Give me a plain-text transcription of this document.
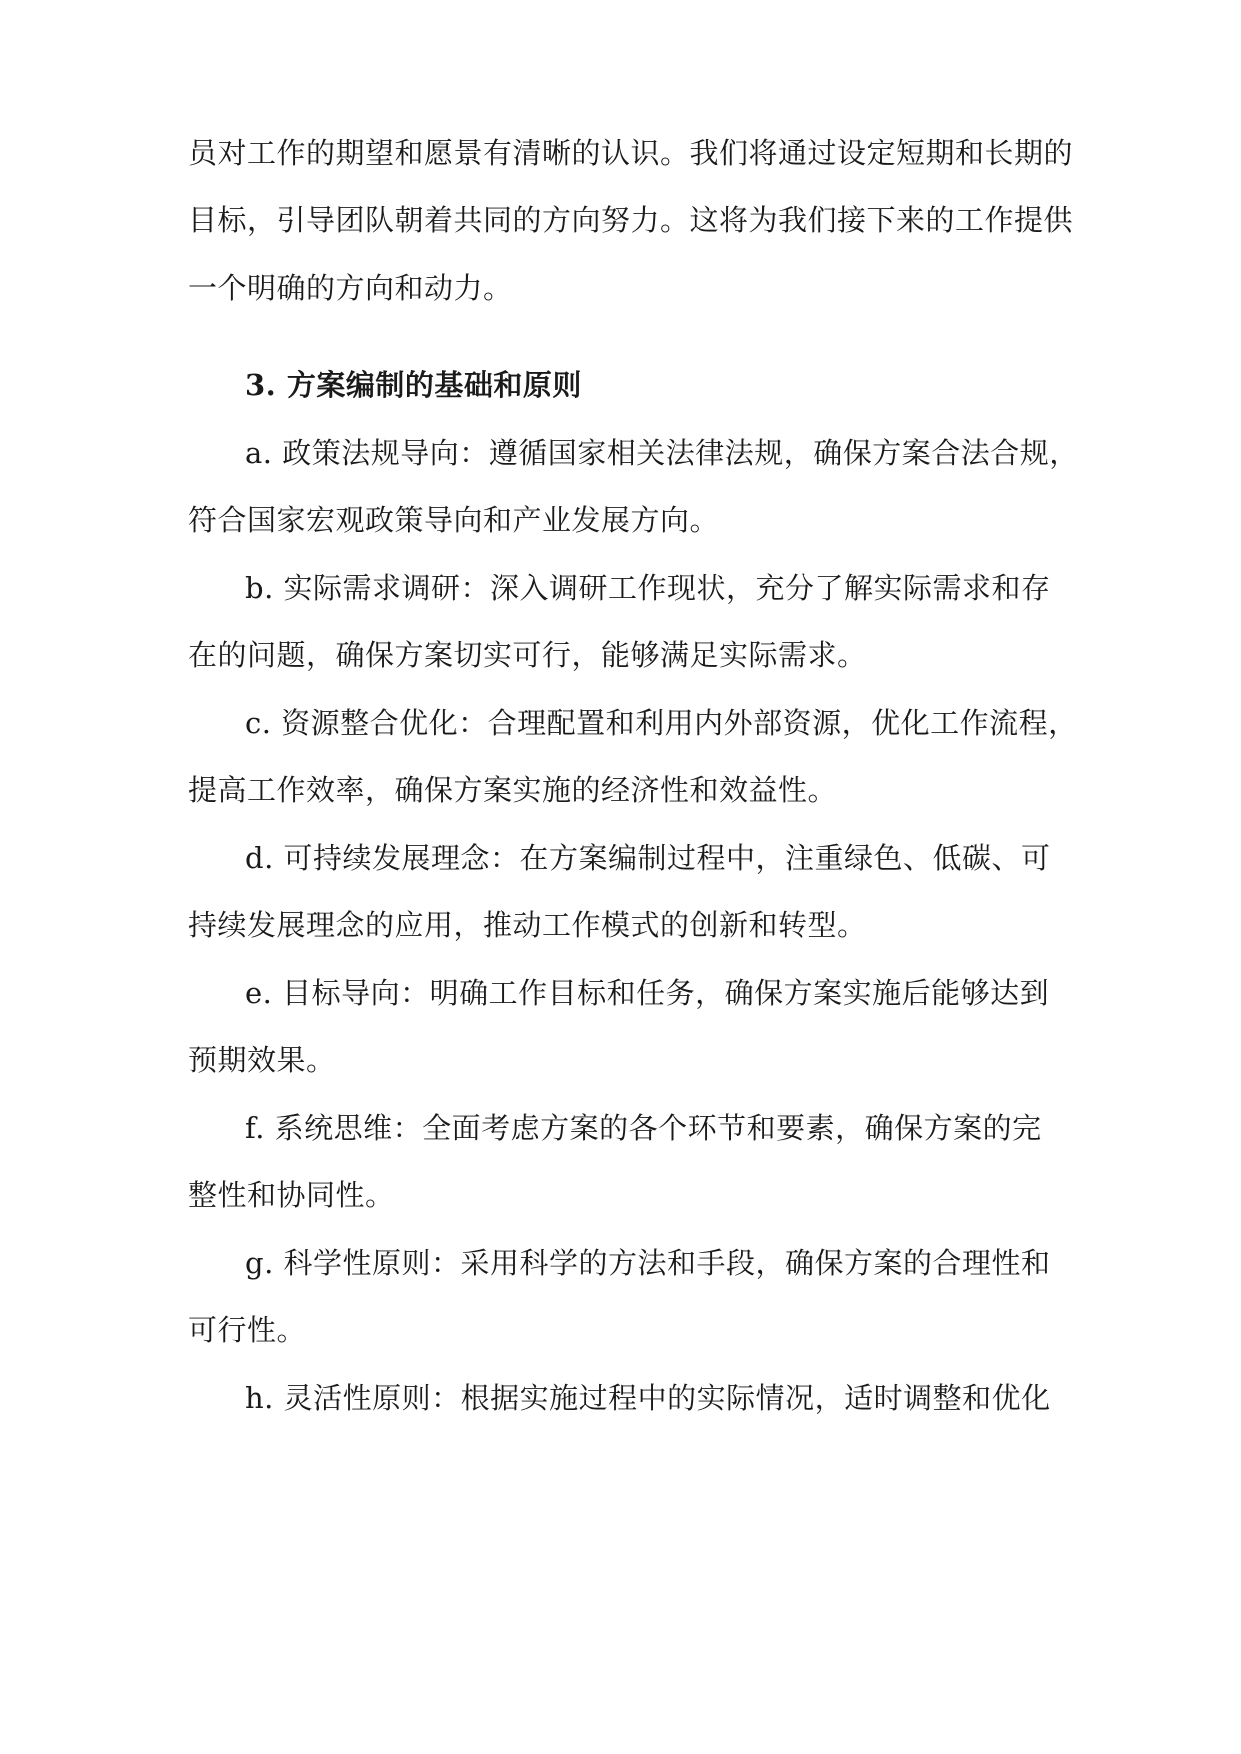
员对工作的期望和愿景有清晰的认识。我们将通过设定短期和长期的
目标，引导团队朝着共同的方向努力。这将为我们接下来的工作提供
一个明确的方向和动力。
3. 方案编制的基础和原则
a. 政策法规导向：遵循国家相关法律法规，确保方案合法合规，
符合国家宏观政策导向和产业发展方向。
b. 实际需求调研：深入调研工作现状，充分了解实际需求和存
在的问题，确保方案切实可行，能够满足实际需求。
c. 资源整合优化：合理配置和利用内外部资源，优化工作流程，
提高工作效率，确保方案实施的经济性和效益性。
d. 可持续发展理念：在方案编制过程中，注重绿色、低碳、可
持续发展理念的应用，推动工作模式的创新和转型。
e. 目标导向：明确工作目标和任务，确保方案实施后能够达到
预期效果。
f. 系统思维：全面考虑方案的各个环节和要素，确保方案的完
整性和协同性。
g. 科学性原则：采用科学的方法和手段，确保方案的合理性和
可行性。
h. 灵活性原则：根据实施过程中的实际情况，适时调整和优化
